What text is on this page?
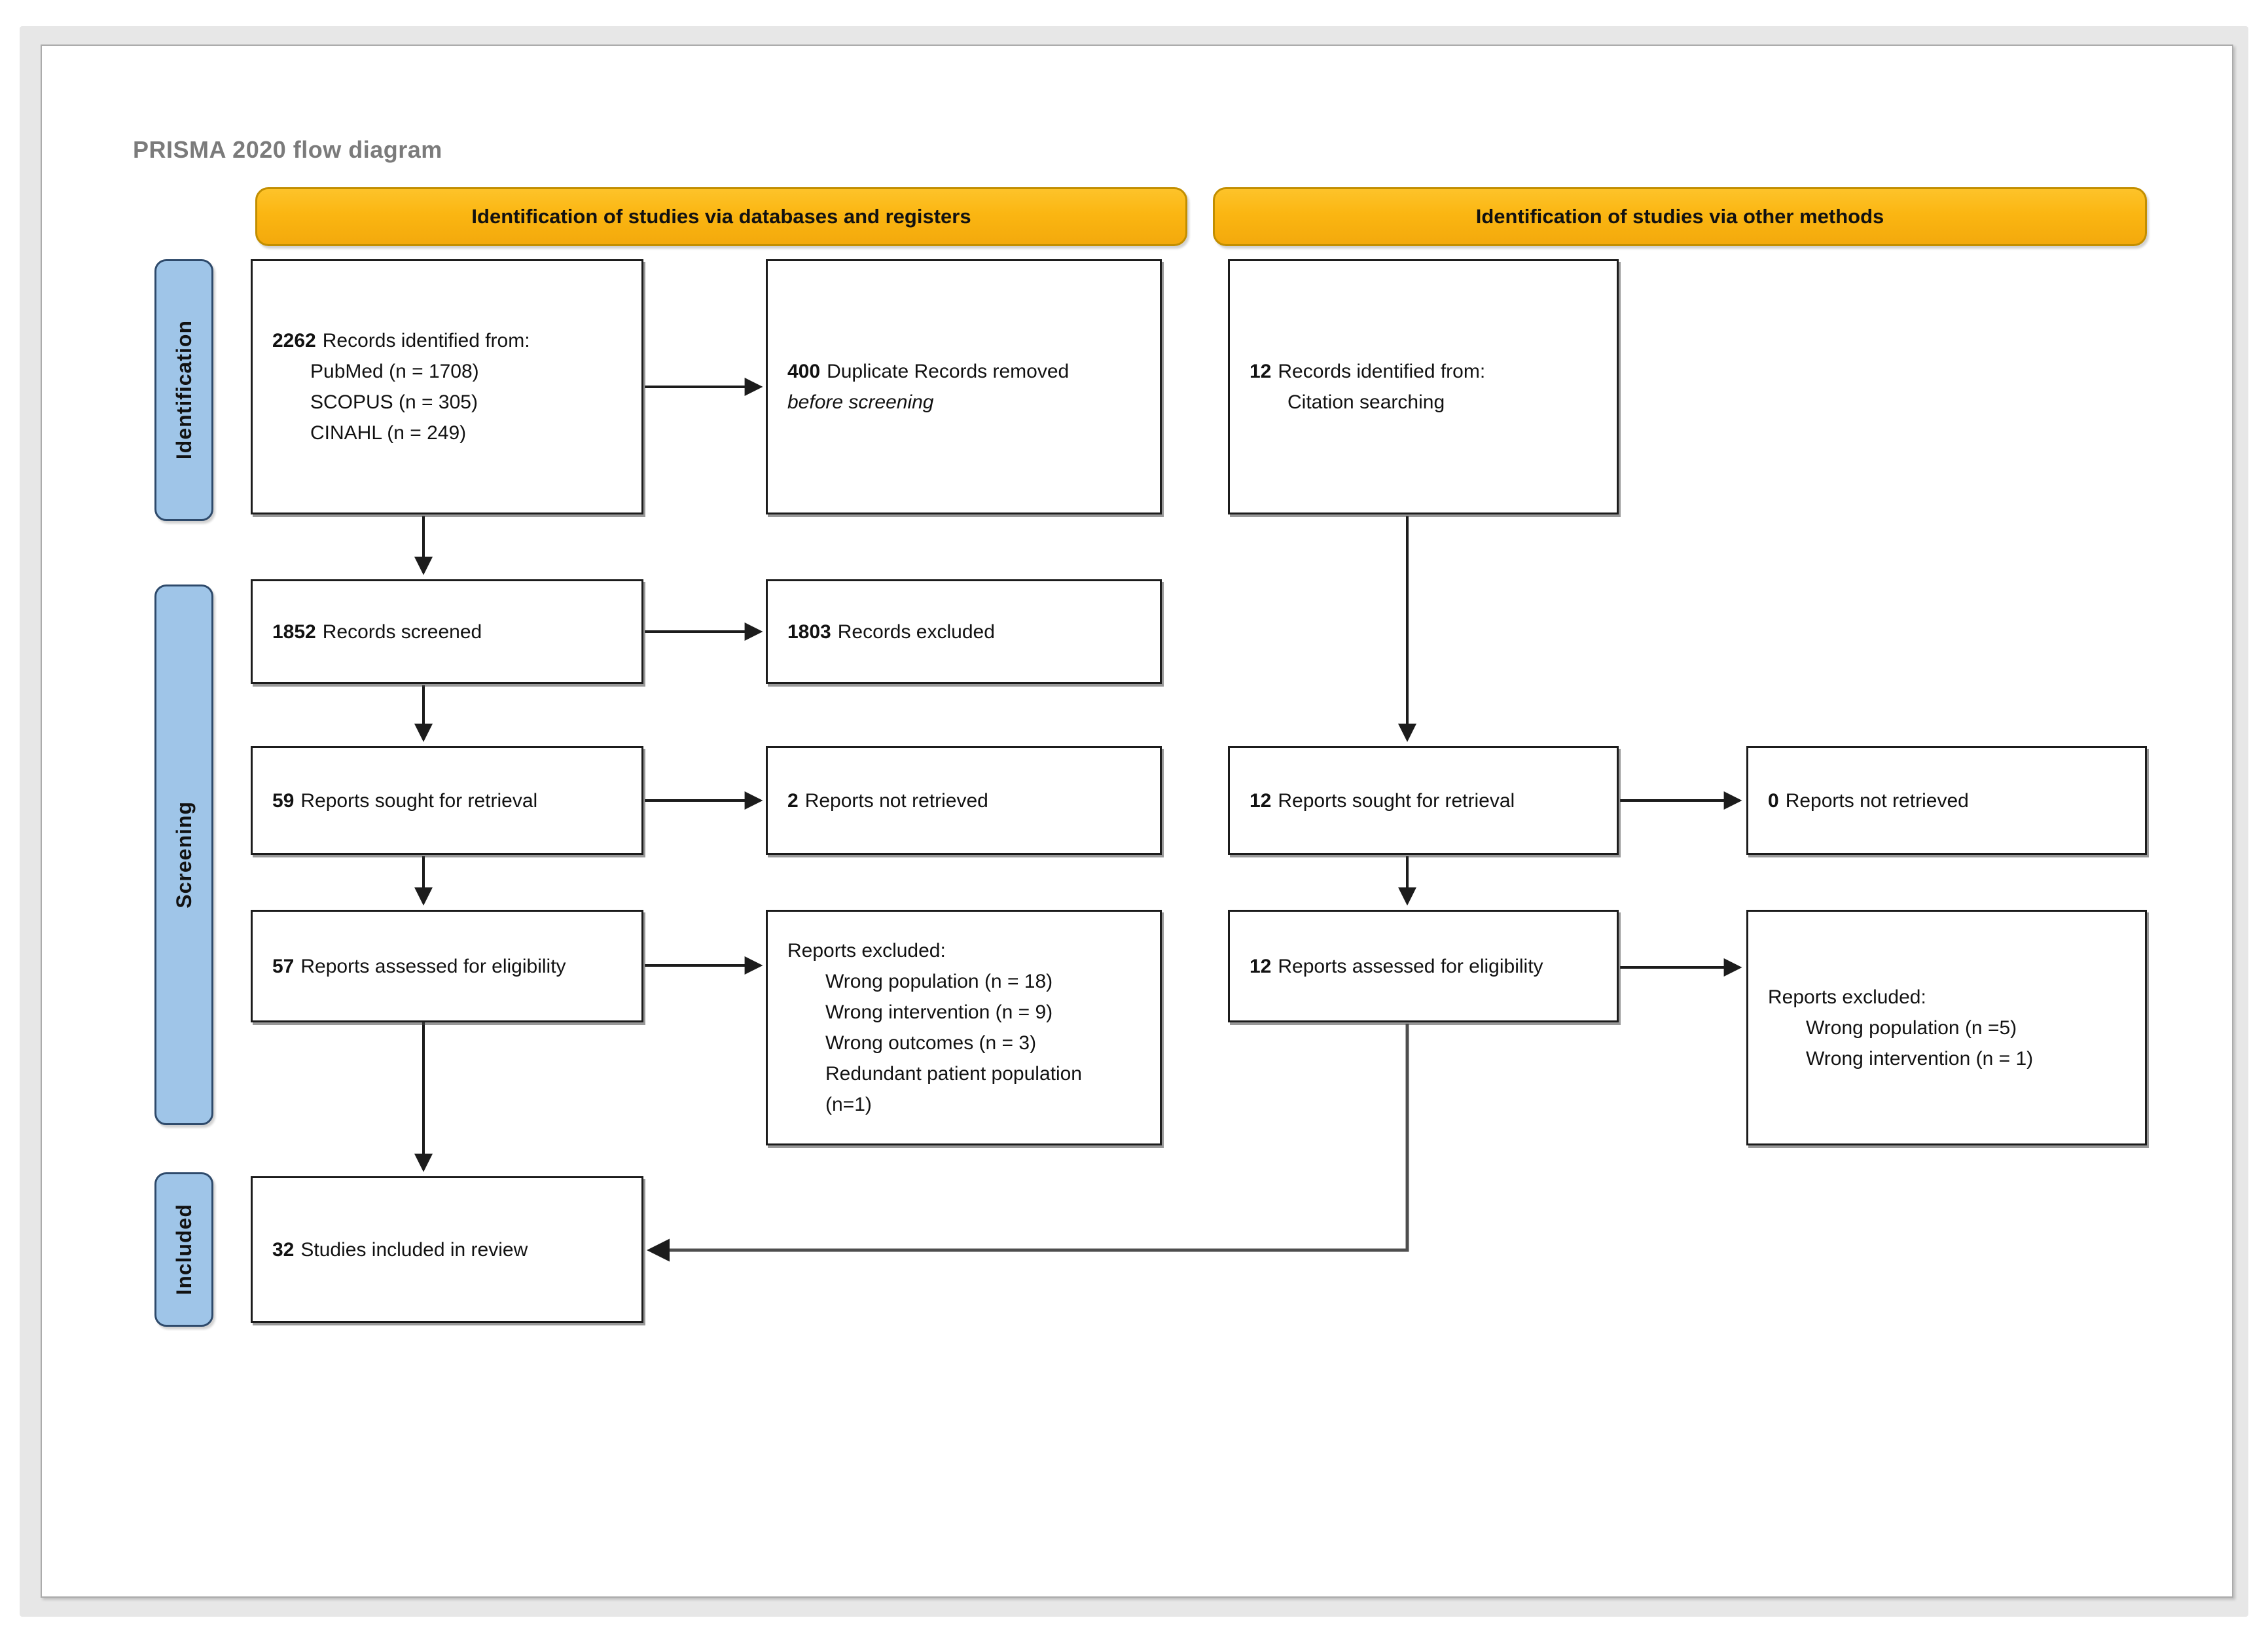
PRISMA 2020 flow diagram
Identification of studies via databases and registers	Identification of studies via other methods
Identification
Screening
Included
2262 Records identified from:
PubMed (n = 1708)
SCOPUS (n = 305)
CINAHL (n = 249)
400 Duplicate Records removed
before screening
12 Records identified from:
Citation searching
1852 Records screened	1803 Records excluded
59 Reports sought for retrieval	2 Reports not retrieved	12 Reports sought for retrieval	0 Reports not retrieved
57 Reports assessed for eligibility
Reports excluded:
Wrong population (n = 18)
Wrong intervention (n = 9)
Wrong outcomes (n = 3)
Redundant patient population (n=1)
12 Reports assessed for eligibility
Reports excluded:
Wrong population (n =5)
Wrong intervention (n = 1)
32 Studies included in review
